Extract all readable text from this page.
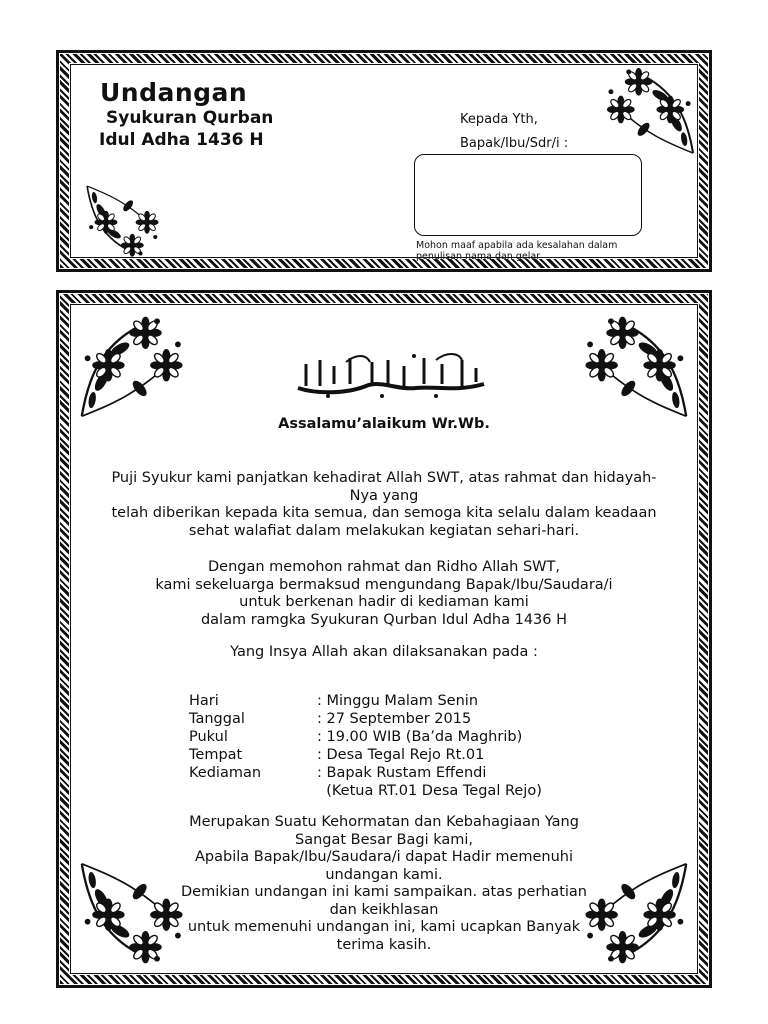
Undangan
Syukuran Qurban
Idul Adha 1436 H
Kepada Yth,
Bapak/Ibu/Sdr/i :
Mohon maaf apabila ada kesalahan dalam penulisan nama dan gelar
Assalamu’alaikum Wr.Wb.
Puji Syukur kami panjatkan kehadirat Allah SWT, atas rahmat dan hidayah-
Nya yang
telah diberikan kepada kita semua, dan semoga kita selalu dalam keadaan
sehat walafiat dalam melakukan kegiatan sehari-hari.
Dengan memohon rahmat dan Ridho Allah SWT,
kami sekeluarga bermaksud mengundang Bapak/Ibu/Saudara/i
untuk berkenan hadir di kediaman kami
dalam ramgka Syukuran Qurban Idul Adha 1436 H
Yang Insya Allah akan dilaksanakan pada :
Hari	: Minggu Malam Senin
Tanggal	: 27 September 2015
Pukul	: 19.00 WIB (Ba’da Maghrib)
Tempat	: Desa Tegal Rejo Rt.01
Kediaman	: Bapak Rustam Effendi
(Ketua RT.01 Desa Tegal Rejo)
Merupakan Suatu Kehormatan dan Kebahagiaan Yang
Sangat Besar Bagi kami,
Apabila Bapak/Ibu/Saudara/i dapat Hadir memenuhi
undangan kami.
Demikian undangan ini kami sampaikan. atas perhatian
dan keikhlasan
untuk memenuhi undangan ini, kami ucapkan Banyak
terima kasih.
